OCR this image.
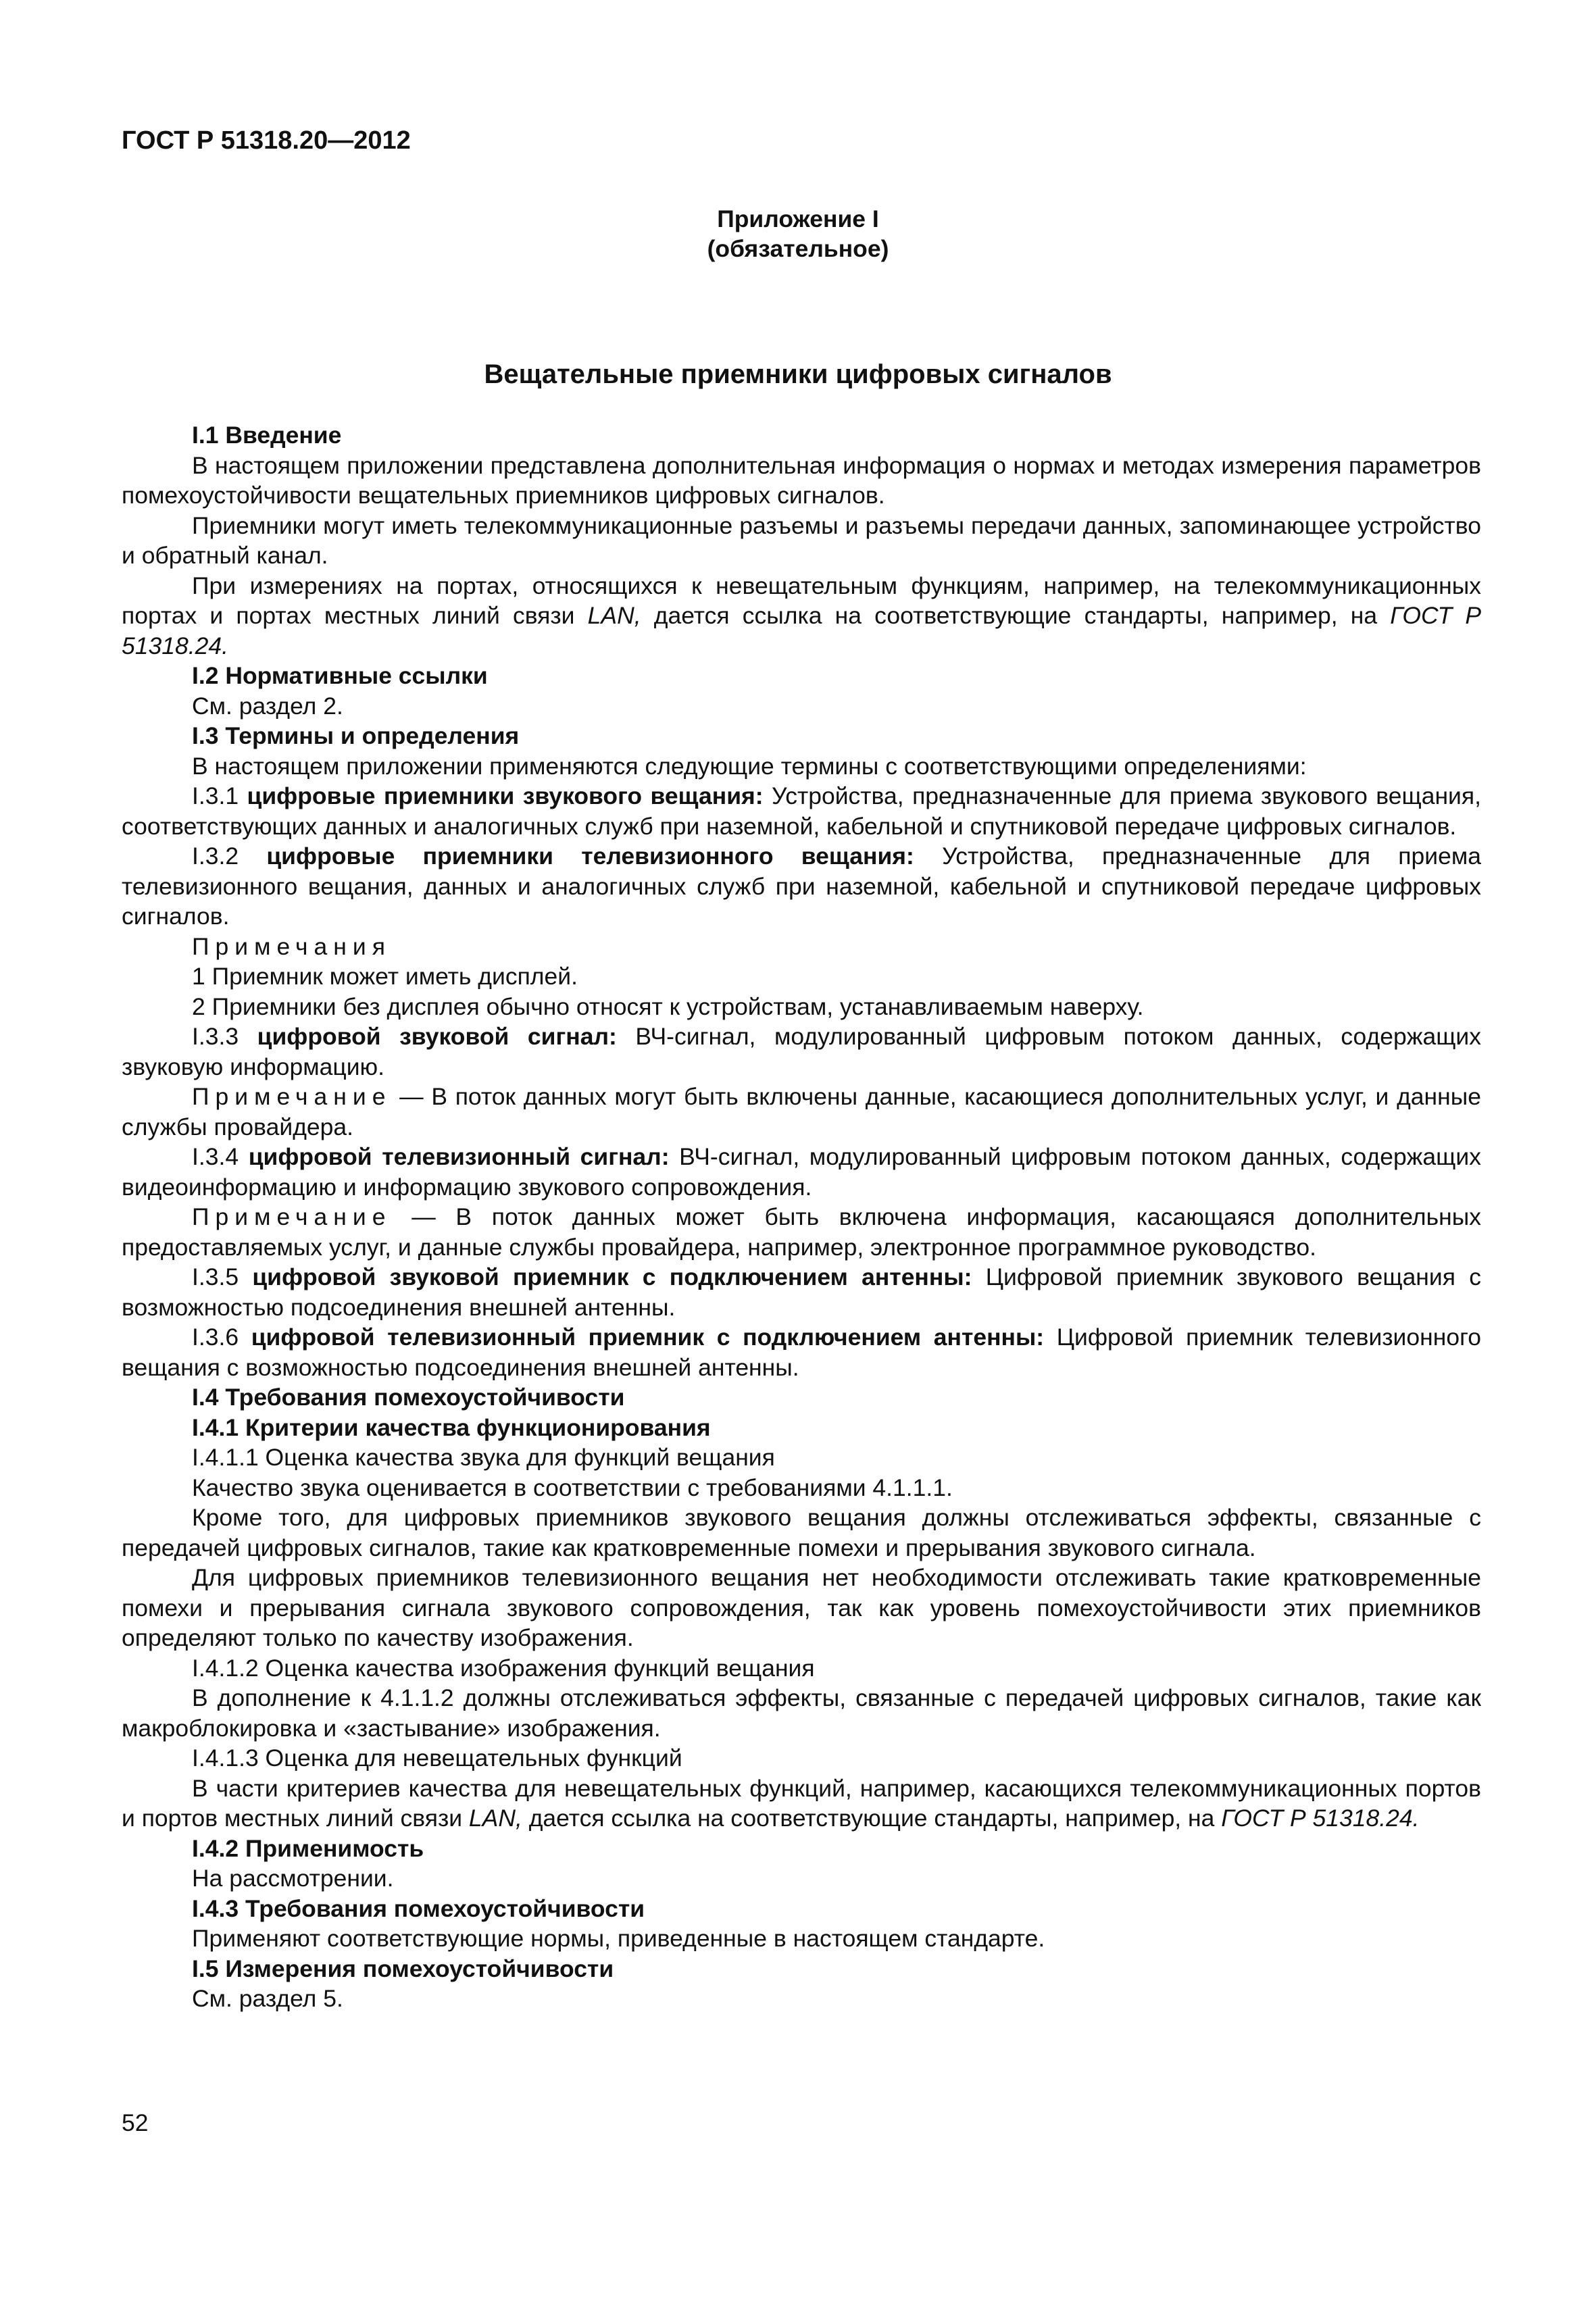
ГОСТ Р 51318.20—2012

Приложение I
(обязательное)

Вещательные приемники цифровых сигналов

I.1 Введение

В настоящем приложении представлена дополнительная информация о нормах и методах измерения параметров помехоустойчивости вещательных приемников цифровых сигналов.

Приемники могут иметь телекоммуникационные разъемы и разъемы передачи данных, запоминающее устройство и обратный канал.

При измерениях на портах, относящихся к невещательным функциям, например, на телекоммуникационных портах и портах местных линий связи LAN, дается ссылка на соответствующие стандарты, например, на ГОСТ Р 51318.24.

I.2 Нормативные ссылки

См. раздел 2.

I.3 Термины и определения

В настоящем приложении применяются следующие термины с соответствующими определениями:

I.3.1 цифровые приемники звукового вещания: Устройства, предназначенные для приема звукового вещания, соответствующих данных и аналогичных служб при наземной, кабельной и спутниковой передаче цифровых сигналов.

I.3.2 цифровые приемники телевизионного вещания: Устройства, предназначенные для приема телевизионного вещания, данных и аналогичных служб при наземной, кабельной и спутниковой передаче цифровых сигналов.

Примечания

1 Приемник может иметь дисплей.

2 Приемники без дисплея обычно относят к устройствам, устанавливаемым наверху.

I.3.3 цифровой звуковой сигнал: ВЧ-сигнал, модулированный цифровым потоком данных, содержащих звуковую информацию.

Примечание — В поток данных могут быть включены данные, касающиеся дополнительных услуг, и данные службы провайдера.

I.3.4 цифровой телевизионный сигнал: ВЧ-сигнал, модулированный цифровым потоком данных, содержащих видеоинформацию и информацию звукового сопровождения.

Примечание — В поток данных может быть включена информация, касающаяся дополнительных предоставляемых услуг, и данные службы провайдера, например, электронное программное руководство.

I.3.5 цифровой звуковой приемник с подключением антенны: Цифровой приемник звукового вещания с возможностью подсоединения внешней антенны.

I.3.6 цифровой телевизионный приемник с подключением антенны: Цифровой приемник телевизионного вещания с возможностью подсоединения внешней антенны.

I.4 Требования помехоустойчивости

I.4.1 Критерии качества функционирования

I.4.1.1 Оценка качества звука для функций вещания

Качество звука оценивается в соответствии с требованиями 4.1.1.1.

Кроме того, для цифровых приемников звукового вещания должны отслеживаться эффекты, связанные с передачей цифровых сигналов, такие как кратковременные помехи и прерывания звукового сигнала.

Для цифровых приемников телевизионного вещания нет необходимости отслеживать такие кратковременные помехи и прерывания сигнала звукового сопровождения, так как уровень помехоустойчивости этих приемников определяют только по качеству изображения.

I.4.1.2 Оценка качества изображения функций вещания

В дополнение к 4.1.1.2 должны отслеживаться эффекты, связанные с передачей цифровых сигналов, такие как макроблокировка и «застывание» изображения.

I.4.1.3 Оценка для невещательных функций

В части критериев качества для невещательных функций, например, касающихся телекоммуникационных портов и портов местных линий связи LAN, дается ссылка на соответствующие стандарты, например, на ГОСТ Р 51318.24.

I.4.2 Применимость

На рассмотрении.

I.4.3 Требования помехоустойчивости

Применяют соответствующие нормы, приведенные в настоящем стандарте.

I.5 Измерения помехоустойчивости

См. раздел 5.

52
